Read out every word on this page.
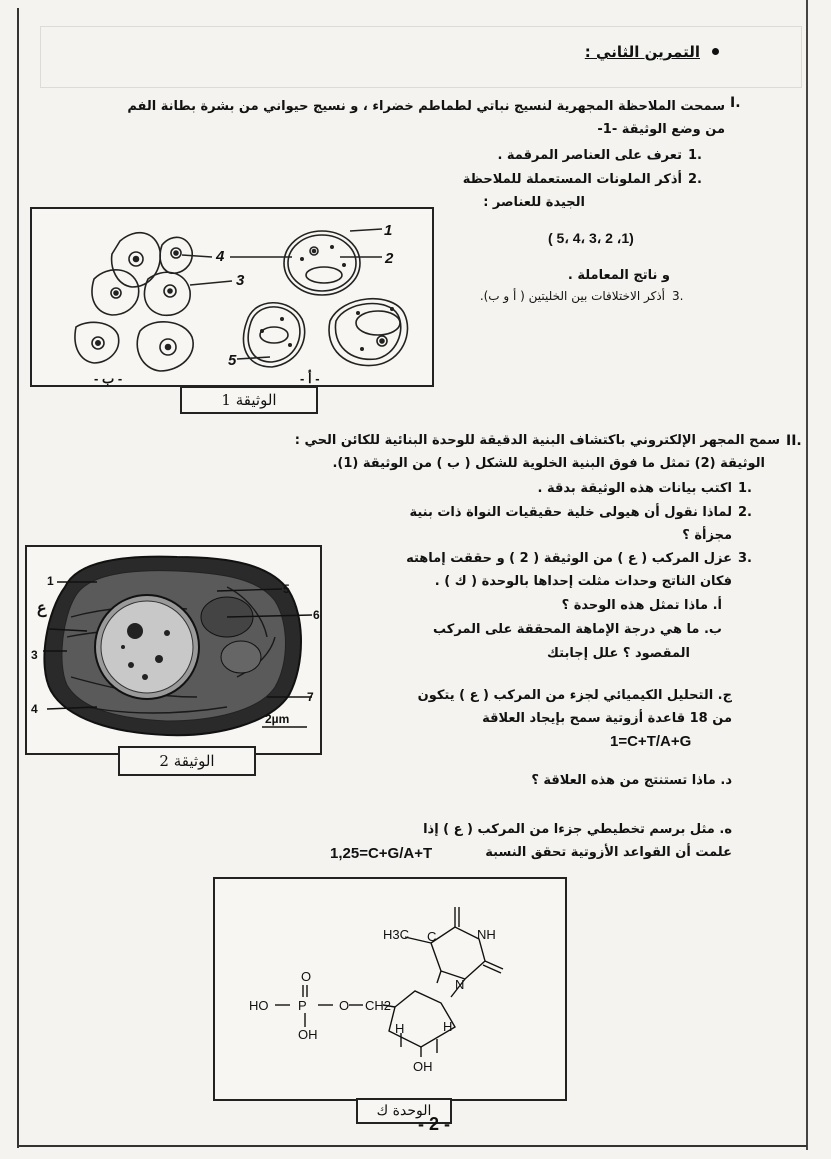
التمرين الثاني :
I.
سمحت الملاحظة المجهرية لنسيج نباتي لطماطم خضراء ، و نسيج حيواني من بشرة بطانة الفم
من وضع الوثيقة -1-
تعرف على العناصر المرقمة . 1.
أذكر الملونات المستعملة للملاحظة 2.
الجيدة للعناصر :
( 5، 4، 3، 2 ،1)
و ناتج المعاملة .
أذكر الاختلافات بين الخليتين ( أ و ب). 3.
1
2
3
4
5
- ب -	- أ -
الوثيقة 1
II.
سمح المجهر الإلكتروني باكتشاف البنية الدقيقة للوحدة البنائية للكائن الحي :
الوثيقة (2) تمثل ما فوق البنية الخلوية للشكل ( ب ) من الوثيقة (1).
اكتب بيانات هذه الوثيقة بدقة . 1.
لماذا نقول أن هيولى خلية حقيقيات النواة ذات بنية 2.
مجزأة ؟
عزل المركب ( ع ) من الوثيقة ( 2 ) و حققت إماهته 3.
فكان الناتج وحدات مثلت إحداها بالوحدة ( ك ) .
أ. ماذا تمثل هذه الوحدة ؟
ب. ما هي درجة الإماهة المحققة على المركب
المقصود ؟ علل إجابتك
ج. التحليل الكيميائي لجزء من المركب ( ع ) يتكون
من 18 قاعدة أزوتية سمح بإيجاد العلاقة
1=C+T/A+G
د. ماذا تستنتج من هذه العلاقة ؟
ه. مثل برسم تخطيطي جزءا من المركب ( ع ) إذا
علمت أن القواعد الأزوتية تحقق النسبة
1,25=C+G/A+T
1
ع
3
4
5
6
7
2µm
الوثيقة 2
HO P
O
OH
O CH2
H3C C	NH
N
H	H
OH
الوحدة ك
- 2 -
